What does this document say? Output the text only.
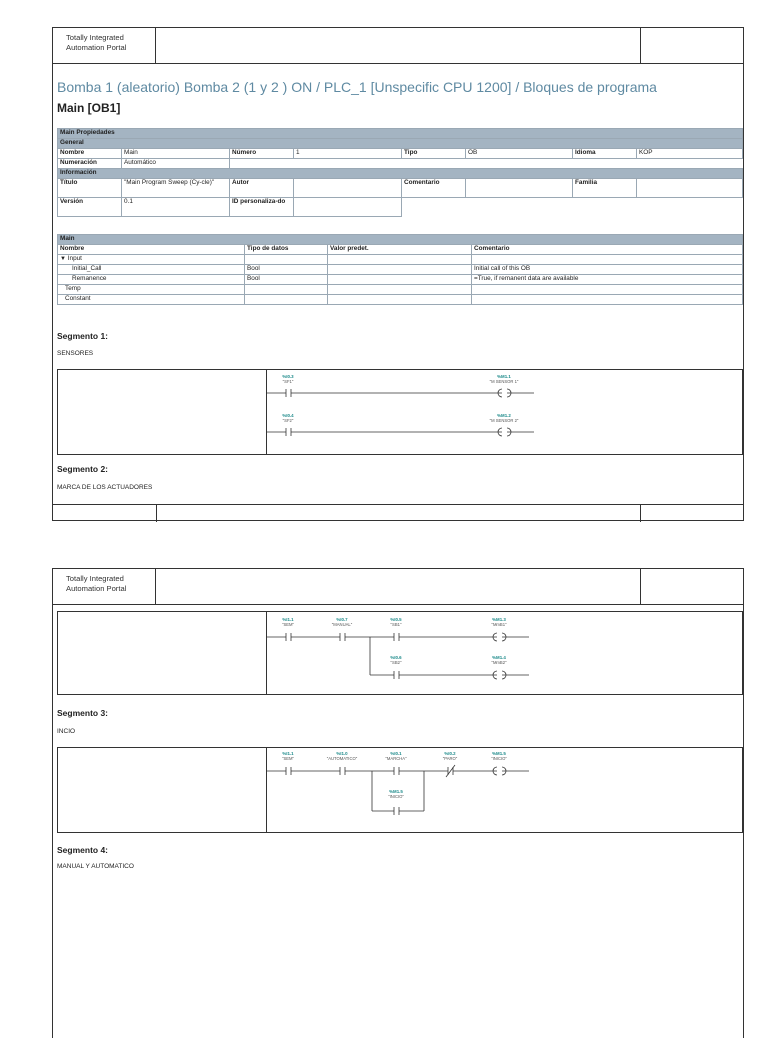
Totally Integrated
Automation Portal
Bomba 1 (aleatorio) Bomba 2 (1 y 2 ) ON / PLC_1 [Unspecific CPU 1200] / Bloques de programa
Main [OB1]
Main Propiedades							
General							
Nombre	Main	Número	1	Tipo	OB	Idioma	KOP
Numeración	Automático						
Información							
Título	"Main Program Sweep (Cy-cle)"	Autor		Comentario		Familia	
Versión	0.1	ID personaliza-do					
Main			
Nombre	Tipo de datos	Valor predet.	Comentario
▼ Input			
Initial_Call	Bool		Initial call of this OB
Remanence	Bool		=True, if remanent data are available
Temp			
Constant			
Segmento 1:
SENSORES
%I0.3
"SF1"
%M1.1
"M SENSOR 1"
%I0.4
"SF2"
%M1.2
"M SENSOR 2"
Segmento 2:
MARCA DE LOS ACTUADORES
Totally Integrated
Automation Portal
%I1.1
"SEM"
%I0.7
"MANUAL"
%I0.5
"SB1"
%M1.3
"MmB1"
%I0.6
"SB2"
%M1.4
"MmB2"
Segmento 3:
INCIO
%I1.1
"SEM"
%I1.0
"AUTOMATICO"
%I0.1
"MARCHA"
%I0.2
"PARO"
%M1.5
"INICIO"
%M1.5
"INICIO"
Segmento 4:
MANUAL Y AUTOMATICO
